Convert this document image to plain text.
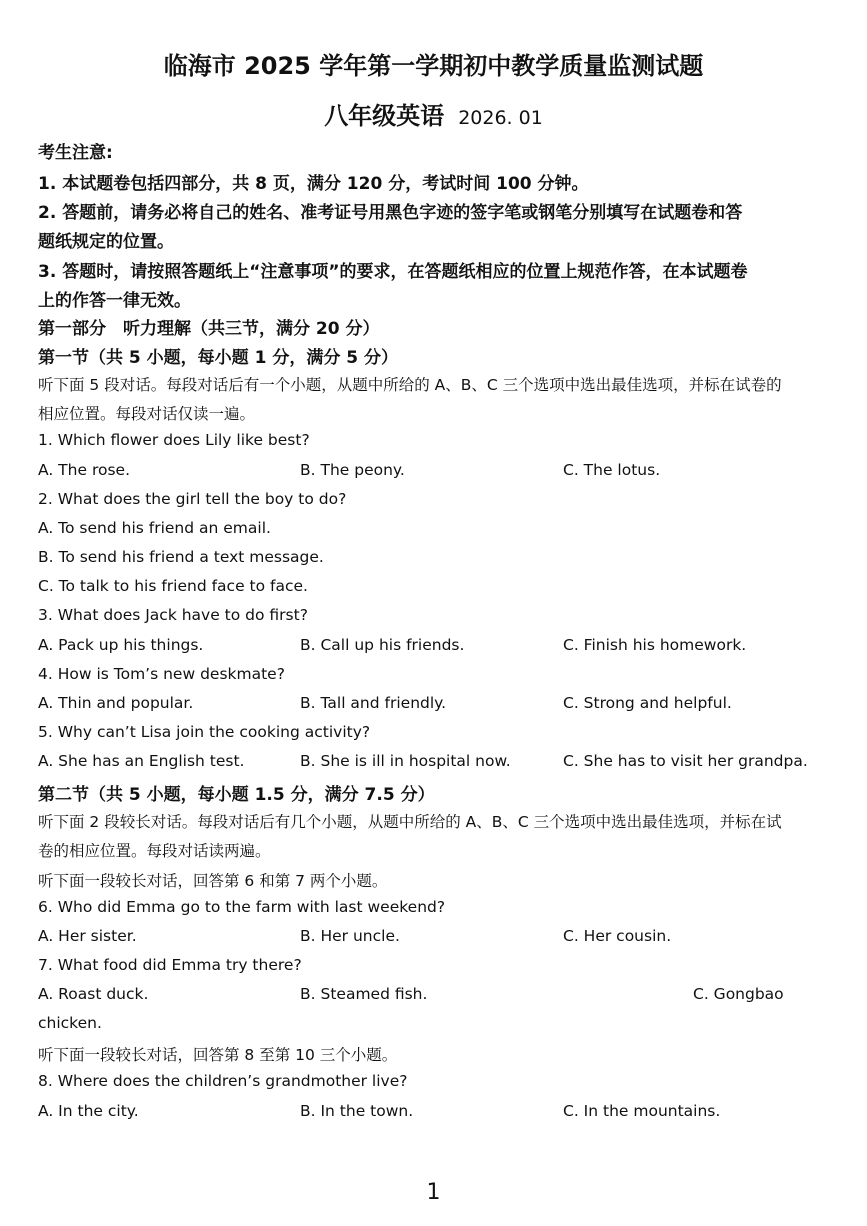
临海市 2025 学年第一学期初中教学质量监测试题
八年级英语 2026. 01
考生注意:
1. 本试题卷包括四部分，共 8 页，满分 120 分，考试时间 100 分钟。
2. 答题前，请务必将自己的姓名、准考证号用黑色字迹的签字笔或钢笔分别填写在试题卷和答
题纸规定的位置。
3. 答题时，请按照答题纸上“注意事项”的要求，在答题纸相应的位置上规范作答，在本试题卷
上的作答一律无效。
第一部分　听力理解（共三节，满分 20 分）
第一节（共 5 小题，每小题 1 分，满分 5 分）
听下面 5 段对话。每段对话后有一个小题，从题中所给的 A、B、C 三个选项中选出最佳选项，并标在试卷的
相应位置。每段对话仅读一遍。
1. Which flower does Lily like best?
A. The rose.	B. The peony.	C. The lotus.
2. What does the girl tell the boy to do?
A. To send his friend an email.
B. To send his friend a text message.
C. To talk to his friend face to face.
3. What does Jack have to do first?
A. Pack up his things.	B. Call up his friends.	C. Finish his homework.
4. How is Tom’s new deskmate?
A. Thin and popular.	B. Tall and friendly.	C. Strong and helpful.
5. Why can’t Lisa join the cooking activity?
A. She has an English test.	B. She is ill in hospital now.	C. She has to visit her grandpa.
第二节（共 5 小题，每小题 1.5 分，满分 7.5 分）
听下面 2 段较长对话。每段对话后有几个小题，从题中所给的 A、B、C 三个选项中选出最佳选项，并标在试
卷的相应位置。每段对话读两遍。
听下面一段较长对话，回答第 6 和第 7 两个小题。
6. Who did Emma go to the farm with last weekend?
A. Her sister.	B. Her uncle.	C. Her cousin.
7. What food did Emma try there?
A. Roast duck.	B. Steamed fish.	C. Gongbao
chicken.
听下面一段较长对话，回答第 8 至第 10 三个小题。
8. Where does the children’s grandmother live?
A. In the city.	B. In the town.	C. In the mountains.
1
